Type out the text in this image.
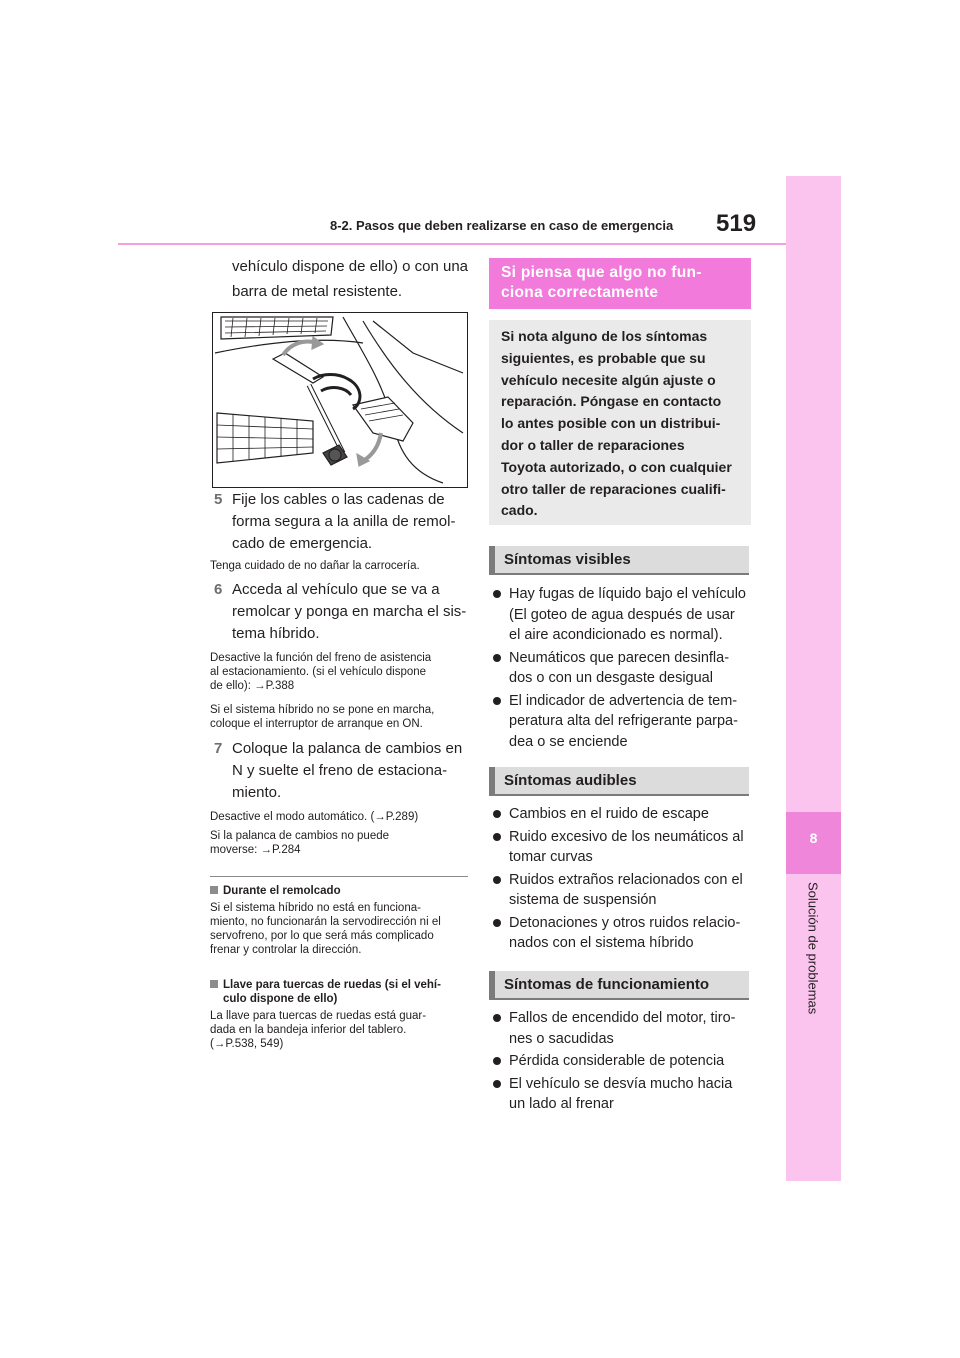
8-2. Pasos que deben realizarse en caso de emergencia 519
8
Solución de problemas
vehículo dispone de ello) o con una
barra de metal resistente.
5 Fije los cables o las cadenas de
forma segura a la anilla de remol-
cado de emergencia.
Tenga cuidado de no dañar la carrocería.
6 Acceda al vehículo que se va a
remolcar y ponga en marcha el sis-
tema híbrido.
Desactive la función del freno de asistencia
al estacionamiento. (si el vehículo dispone
de ello): →P.388
Si el sistema híbrido no se pone en marcha,
coloque el interruptor de arranque en ON.
7 Coloque la palanca de cambios en
N y suelte el freno de estaciona-
miento.
Desactive el modo automático. (→P.289)
Si la palanca de cambios no puede
moverse: →P.284
Durante el remolcado
Si el sistema híbrido no está en funciona-
miento, no funcionarán la servodirección ni el
servofreno, por lo que será más complicado
frenar y controlar la dirección.
Llave para tuercas de ruedas (si el vehí-
culo dispone de ello)
La llave para tuercas de ruedas está guar-
dada en la bandeja inferior del tablero.
(→P.538, 549)
Si piensa que algo no fun-
ciona correctamente
Si nota alguno de los síntomas
siguientes, es probable que su
vehículo necesite algún ajuste o
reparación. Póngase en contacto
lo antes posible con un distribui-
dor o taller de reparaciones
Toyota autorizado, o con cualquier
otro taller de reparaciones cualifi-
cado.
Síntomas visibles
Hay fugas de líquido bajo el vehículo
(El goteo de agua después de usar
el aire acondicionado es normal).
Neumáticos que parecen desinfla-
dos o con un desgaste desigual
El indicador de advertencia de tem-
peratura alta del refrigerante parpa-
dea o se enciende
Síntomas audibles
Cambios en el ruido de escape
Ruido excesivo de los neumáticos al
tomar curvas
Ruidos extraños relacionados con el
sistema de suspensión
Detonaciones y otros ruidos relacio-
nados con el sistema híbrido
Síntomas de funcionamiento
Fallos de encendido del motor, tiro-
nes o sacudidas
Pérdida considerable de potencia
El vehículo se desvía mucho hacia
un lado al frenar
